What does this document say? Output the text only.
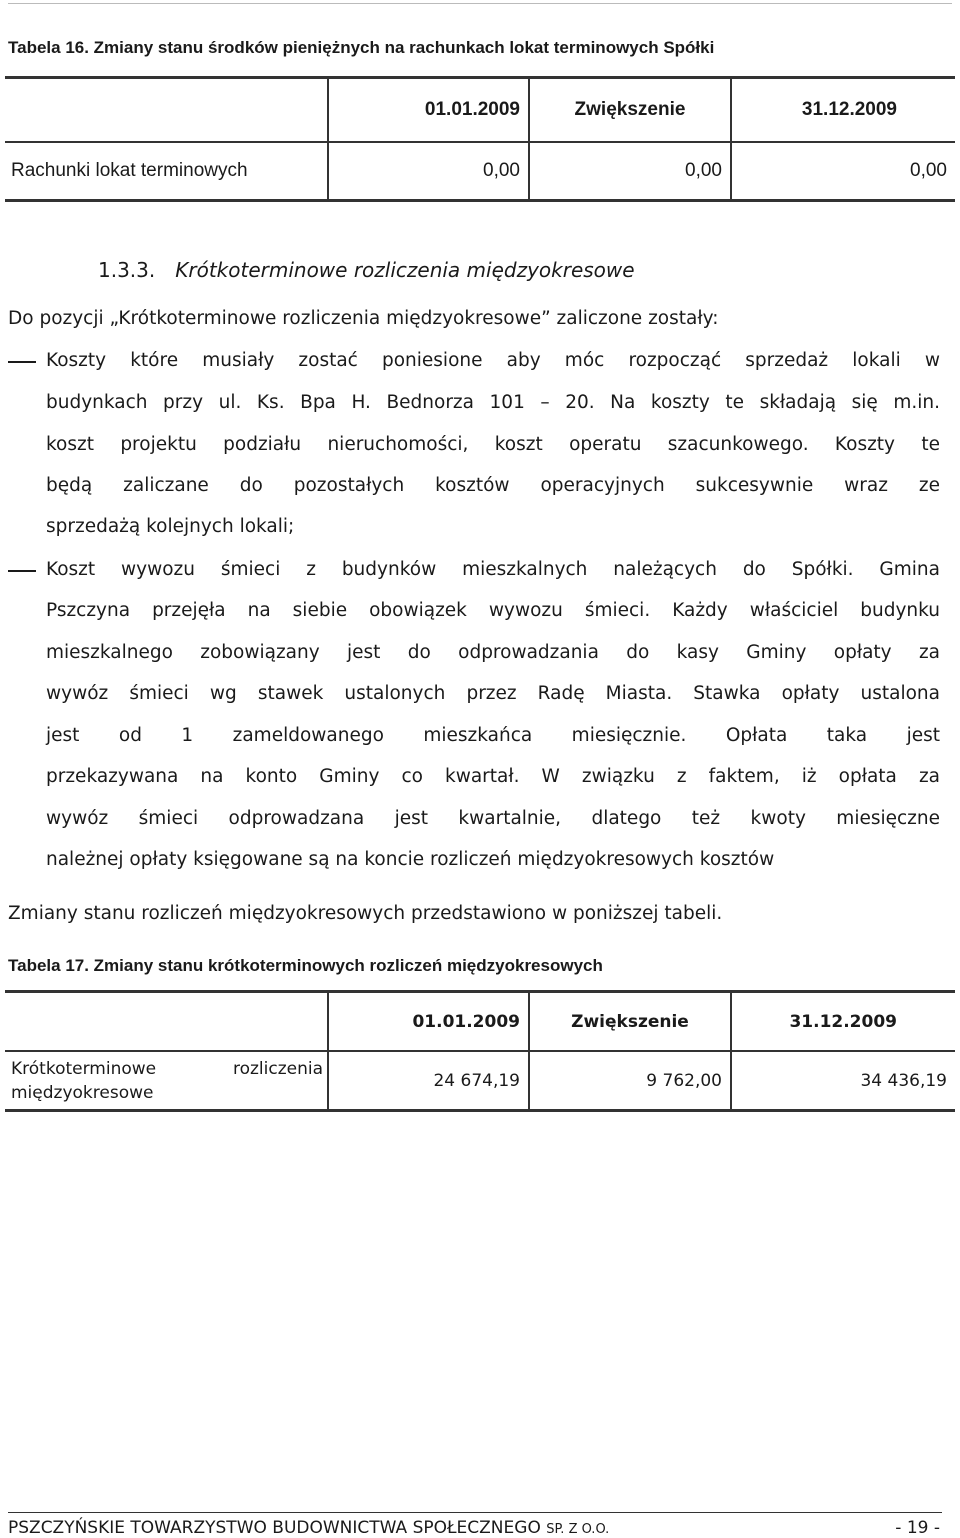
Tabela 16. Zmiany stanu środków pieniężnych na rachunkach lokat terminowych Spółki
	01.01.2009	Zwiększenie	31.12.2009
Rachunki lokat terminowych	0,00	0,00	0,00
1.3.3. Krótkoterminowe rozliczenia międzyokresowe
Do pozycji „Krótkoterminowe rozliczenia międzyokresowe” zaliczone zostały:
Koszty które musiały zostać poniesione aby móc rozpocząć sprzedaż lokali w
budynkach przy ul. Ks. Bpa H. Bednorza 101 – 20. Na koszty te składają się m.in.
koszt projektu podziału nieruchomości, koszt operatu szacunkowego. Koszty te
będą zaliczane do pozostałych kosztów operacyjnych sukcesywnie wraz ze
sprzedażą kolejnych lokali;
Koszt wywozu śmieci z budynków mieszkalnych należących do Spółki. Gmina
Pszczyna przejęła na siebie obowiązek wywozu śmieci. Każdy właściciel budynku
mieszkalnego zobowiązany jest do odprowadzania do kasy Gminy opłaty za
wywóz śmieci wg stawek ustalonych przez Radę Miasta. Stawka opłaty ustalona
jest od 1 zameldowanego mieszkańca miesięcznie. Opłata taka jest
przekazywana na konto Gminy co kwartał. W związku z faktem, iż opłata za
wywóz śmieci odprowadzana jest kwartalnie, dlatego też kwoty miesięczne
należnej opłaty księgowane są na koncie rozliczeń międzyokresowych kosztów
Zmiany stanu rozliczeń międzyokresowych przedstawiono w poniższej tabeli.
Tabela 17. Zmiany stanu krótkoterminowych rozliczeń międzyokresowych
	01.01.2009	Zwiększenie	31.12.2009

Krótkoterminowe rozliczenia
międzyokresowe	24 674,19	9 762,00	34 436,19
PSZCZYŃSKIE TOWARZYSTWO BUDOWNICTWA SPOŁECZNEGO SP. Z O.O.	- 19 -
